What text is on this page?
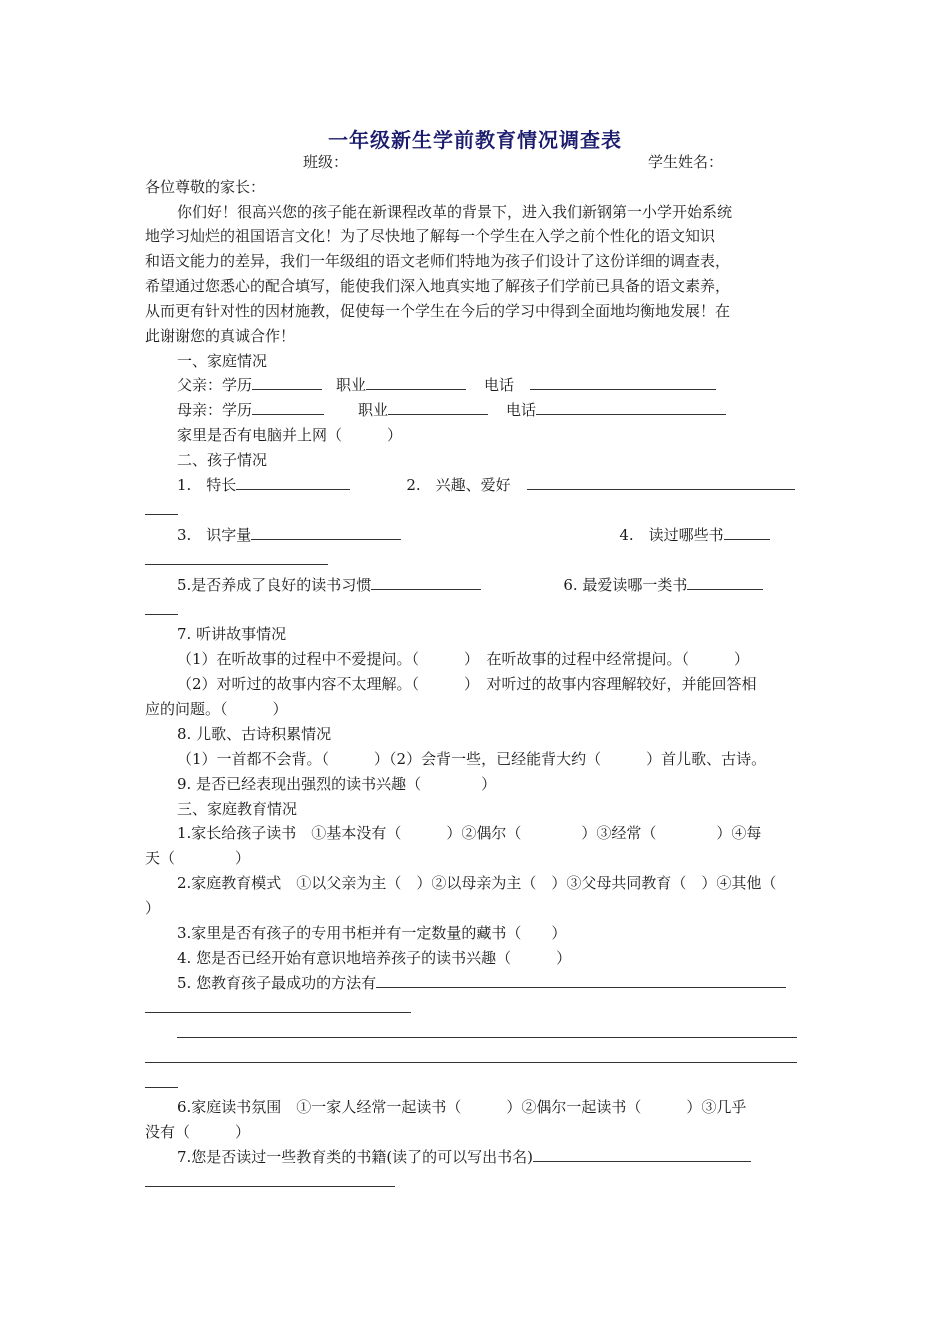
一年级新生学前教育情况调查表
班级：	学生姓名：
各位尊敬的家长：
你们好！很高兴您的孩子能在新课程改革的背景下，进入我们新钢第一小学开始系统
地学习灿烂的祖国语言文化！为了尽快地了解每一个学生在入学之前个性化的语文知识
和语文能力的差异，我们一年级组的语文老师们特地为孩子们设计了这份详细的调查表，
希望通过您悉心的配合填写，能使我们深入地真实地了解孩子们学前已具备的语文素养，
从而更有针对性的因材施教，促使每一个学生在今后的学习中得到全面地均衡地发展！在
此谢谢您的真诚合作！
一、家庭情况
父亲：学历	职业	电话
母亲：学历	职业	电话
家里是否有电脑并上网（　　　）
二、孩子情况
1.　特长	2.　兴趣、爱好
3.　识字量	4.　读过哪些书
5.是否养成了良好的读书习惯	6. 最爱读哪一类书
7. 听讲故事情况
（1）在听故事的过程中不爱提问。（　　　）　在听故事的过程中经常提问。（　　　）
（2）对听过的故事内容不太理解。（　　　）　对听过的故事内容理解较好，并能回答相
应的问题。（　　　）
8. 儿歌、古诗积累情况
（1）一首都不会背。（　　　）（2）会背一些，已经能背大约（　　　）首儿歌、古诗。
9. 是否已经表现出强烈的读书兴趣（　　　　）
三、家庭教育情况
1.家长给孩子读书　①基本没有（　　　）②偶尔（　　　　）③经常（　　　　）④每
天（　　　　）
2.家庭教育模式　①以父亲为主（　）②以母亲为主（　）③父母共同教育（　）④其他（
）
3.家里是否有孩子的专用书柜并有一定数量的藏书（　　）
4. 您是否已经开始有意识地培养孩子的读书兴趣（　　　）
5. 您教育孩子最成功的方法有
6.家庭读书氛围　①一家人经常一起读书（　　　）②偶尔一起读书（　　　）③几乎
没有（　　　）
7.您是否读过一些教育类的书籍(读了的可以写出书名)
